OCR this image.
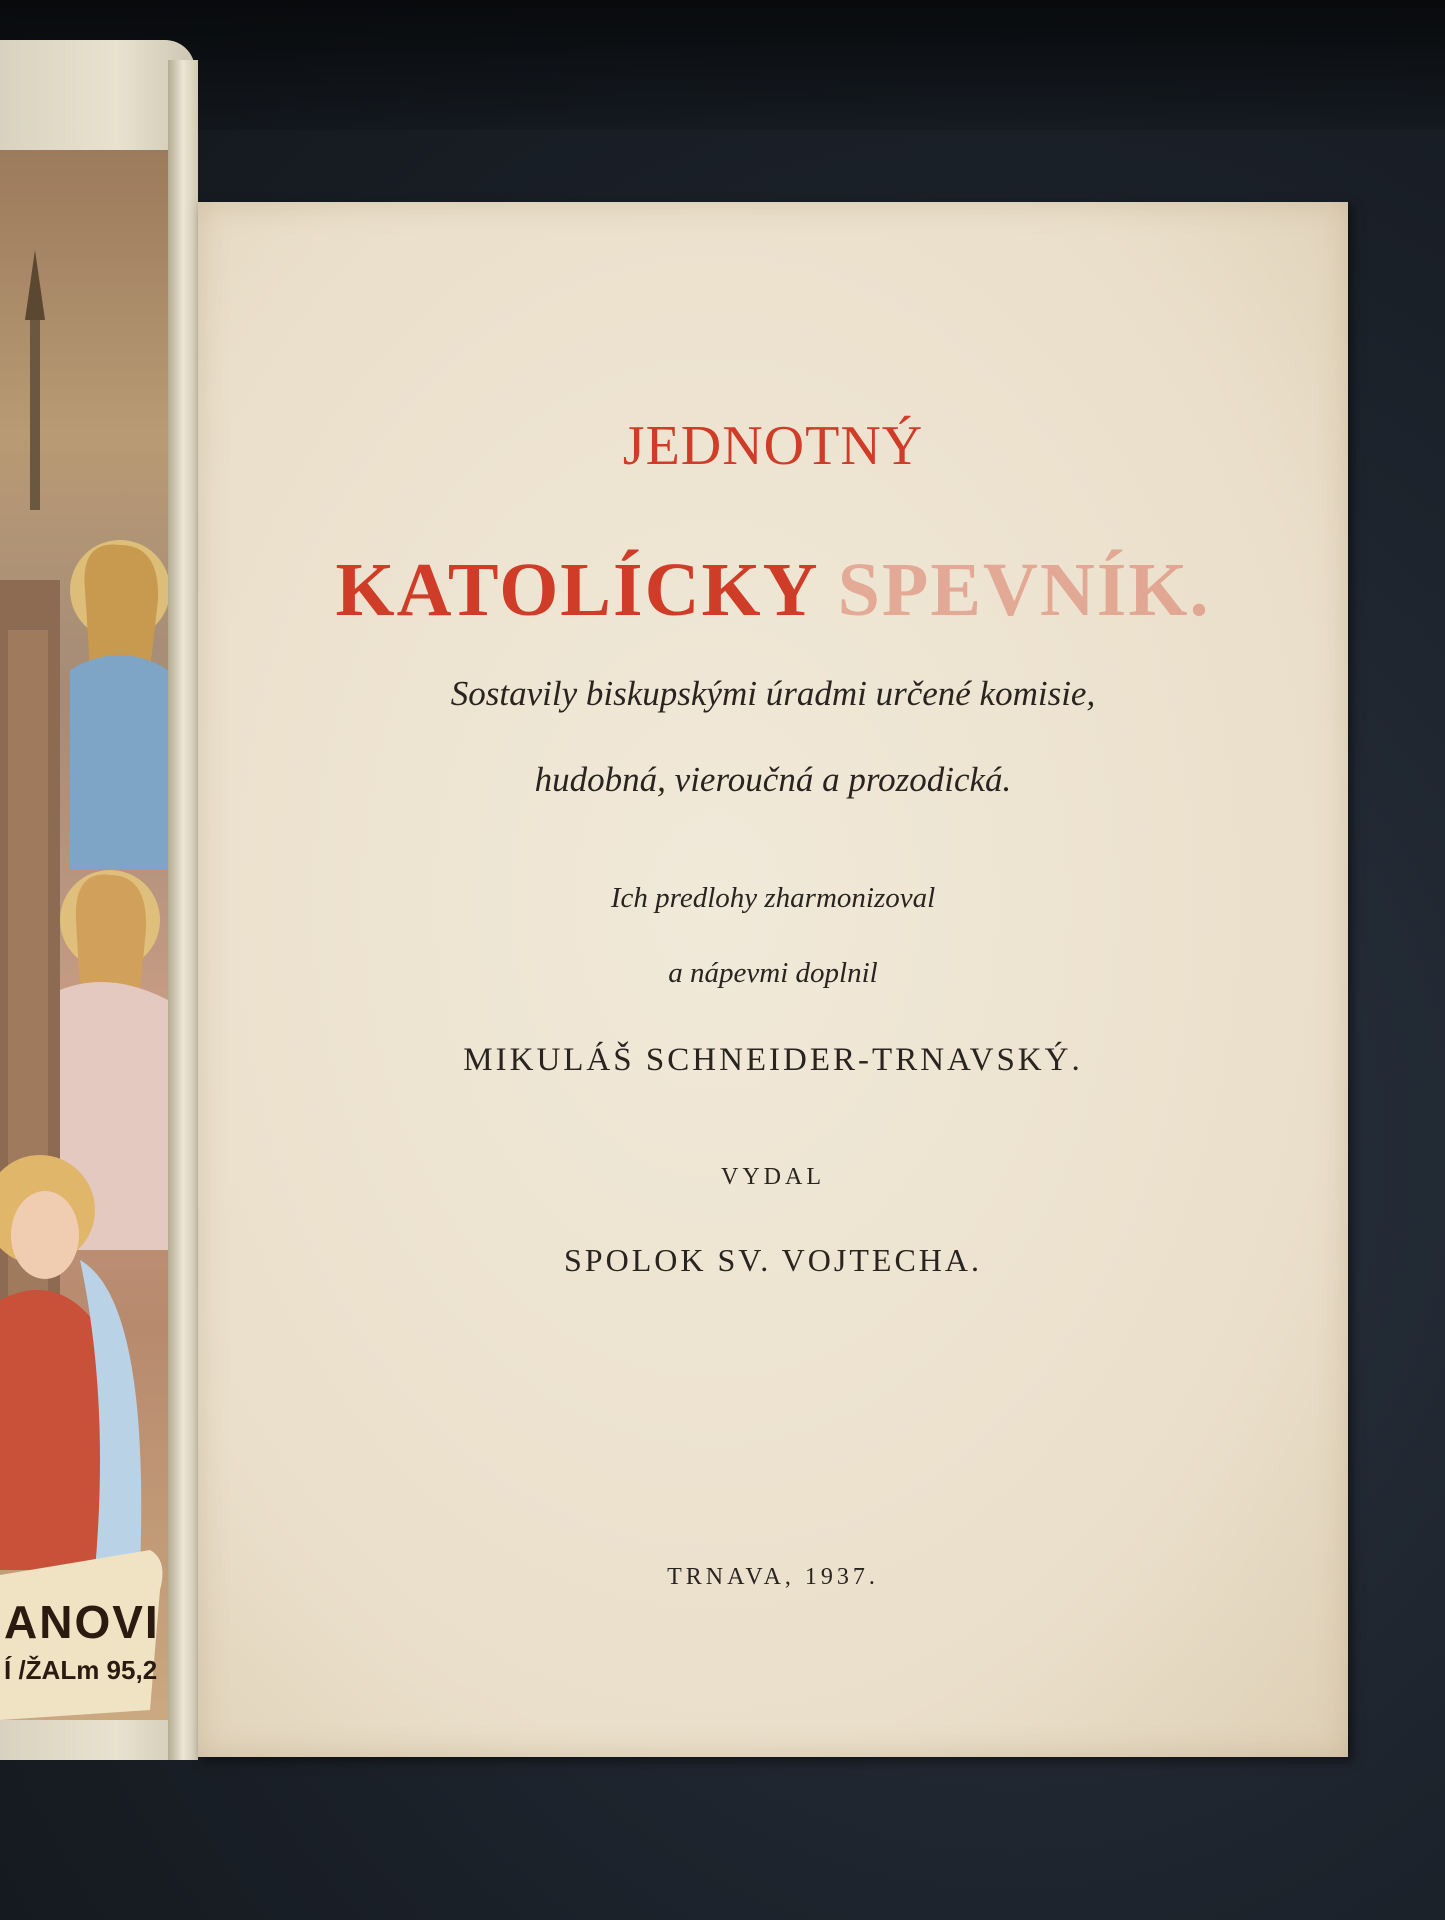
ANOVI
Í /ŽALm 95,2
JEDNOTNÝ
KATOLÍCKY SPEVNÍK.
Sostavily biskupskými úradmi určené komisie,
hudobná, vieroučná a prozodická.
Ich predlohy zharmonizoval
a nápevmi doplnil
MIKULÁŠ SCHNEIDER-TRNAVSKÝ.
VYDAL
SPOLOK SV. VOJTECHA.
TRNAVA, 1937.
